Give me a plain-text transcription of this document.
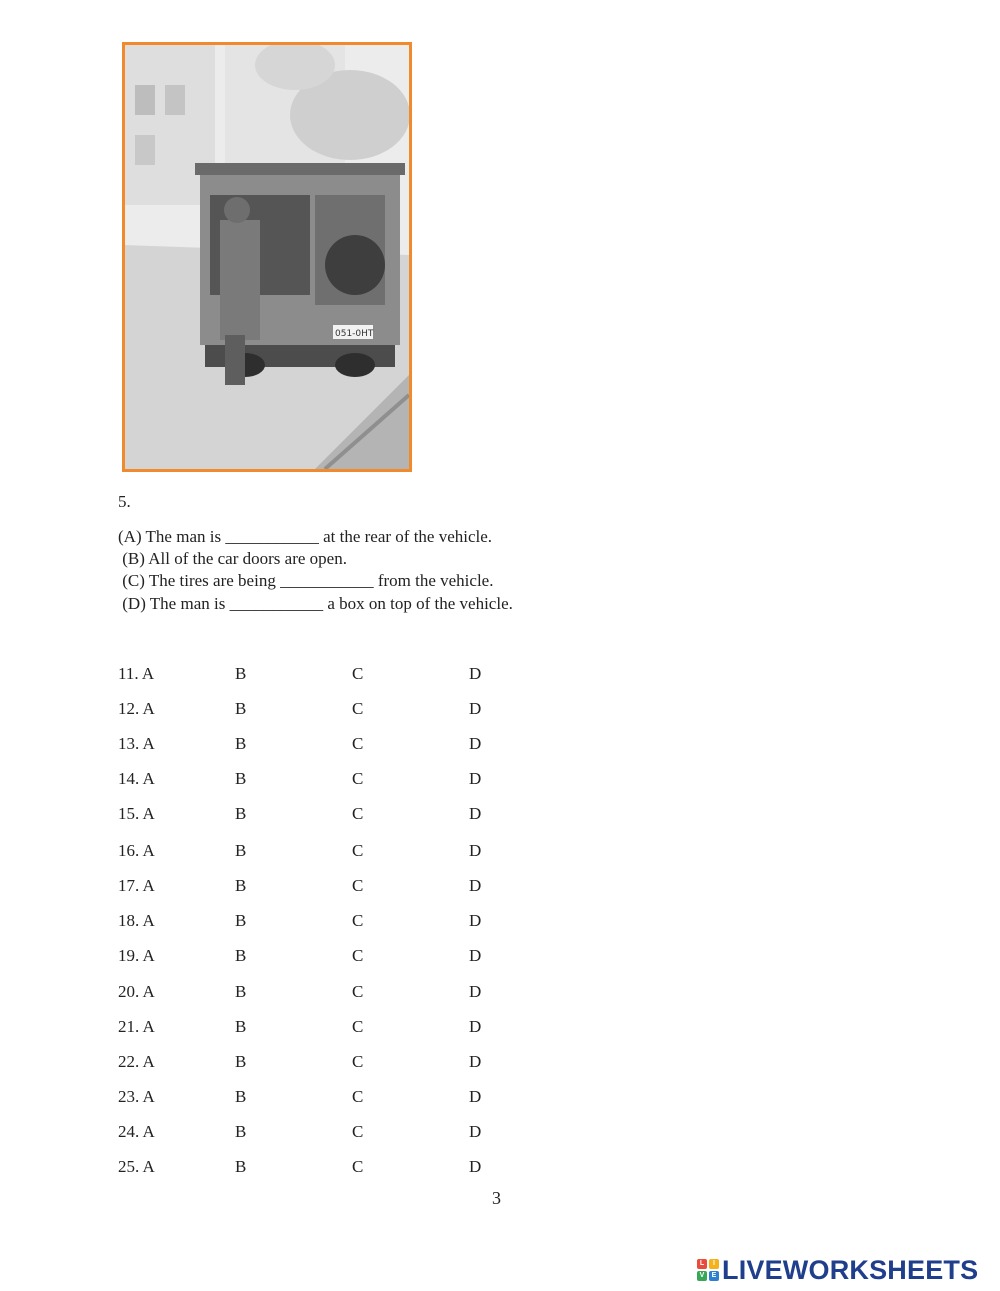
051-0HT
5.
(A) The man is ___________ at the rear of the vehicle.
(B) All of the car doors are open.
(C) The tires are being ___________ from the vehicle.
(D) The man is ___________ a box on top of the vehicle.
11. A	B	C	D
12. A	B	C	D
13. A	B	C	D
14. A	B	C	D
15. A	B	C	D
16. A	B	C	D
17. A	B	C	D
18. A	B	C	D
19. A	B	C	D
20. A	B	C	D
21. A	B	C	D
22. A	B	C	D
23. A	B	C	D
24. A	B	C	D
25. A	B	C	D
3
L	I
V	E LIVEWORKSHEETS
